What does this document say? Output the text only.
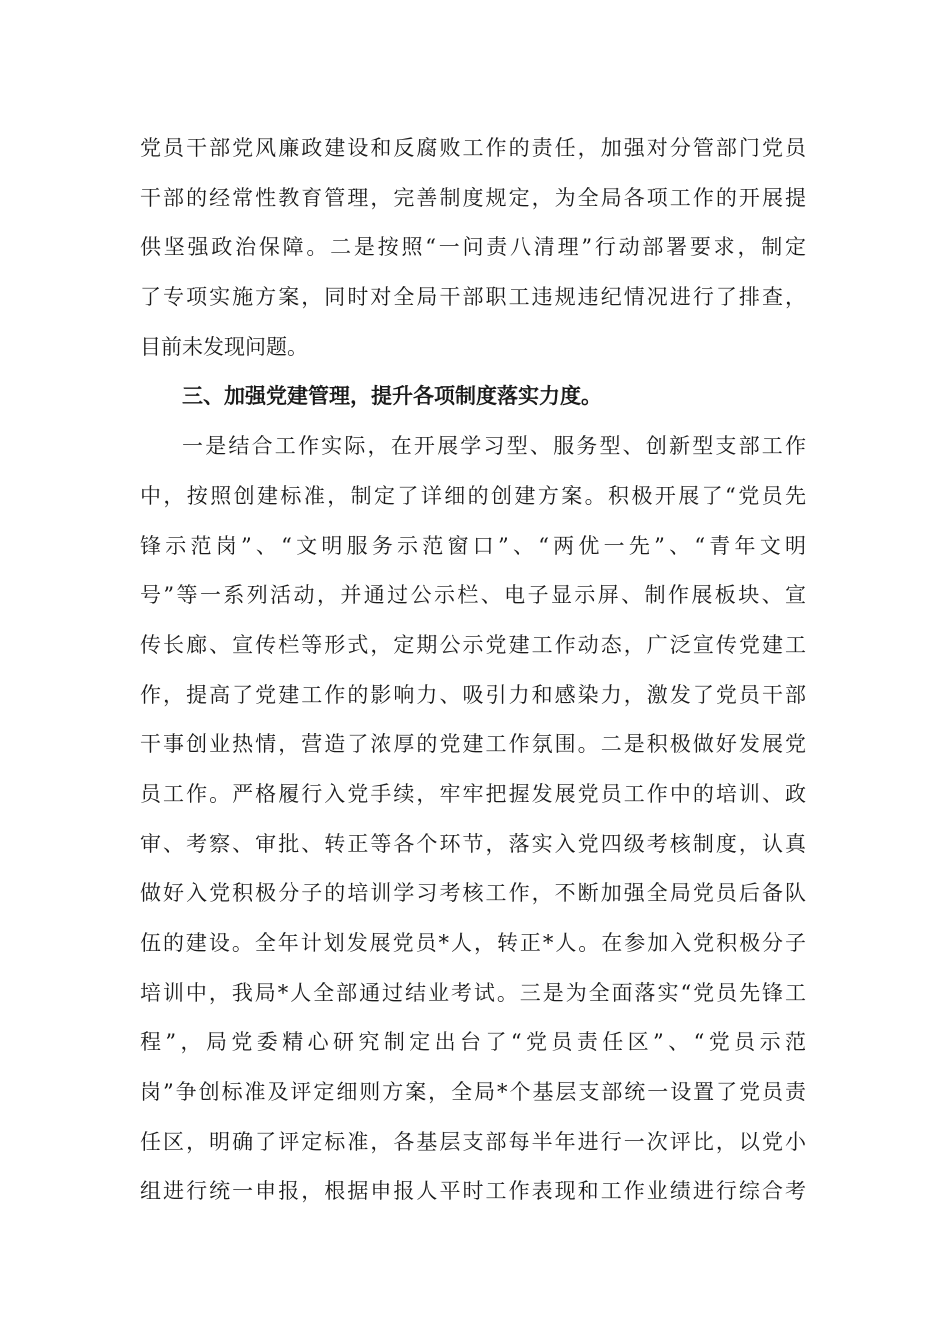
党员干部党风廉政建设和反腐败工作的责任，加强对分管部门党员
干部的经常性教育管理，完善制度规定，为全局各项工作的开展提
供坚强政治保障。二是按照“一问责八清理”行动部署要求，制定
了专项实施方案，同时对全局干部职工违规违纪情况进行了排查，
目前未发现问题。
三、加强党建管理，提升各项制度落实力度。
一是结合工作实际，在开展学习型、服务型、创新型支部工作
中，按照创建标准，制定了详细的创建方案。积极开展了“党员先
锋示范岗”、“文明服务示范窗口”、“两优一先”、“青年文明
号”等一系列活动，并通过公示栏、电子显示屏、制作展板块、宣
传长廊、宣传栏等形式，定期公示党建工作动态，广泛宣传党建工
作，提高了党建工作的影响力、吸引力和感染力，激发了党员干部
干事创业热情，营造了浓厚的党建工作氛围。二是积极做好发展党
员工作。严格履行入党手续，牢牢把握发展党员工作中的培训、政
审、考察、审批、转正等各个环节，落实入党四级考核制度，认真
做好入党积极分子的培训学习考核工作，不断加强全局党员后备队
伍的建设。全年计划发展党员*人，转正*人。在参加入党积极分子
培训中，我局*人全部通过结业考试。三是为全面落实“党员先锋工
程”，局党委精心研究制定出台了“党员责任区”、“党员示范
岗”争创标准及评定细则方案，全局*个基层支部统一设置了党员责
任区，明确了评定标准，各基层支部每半年进行一次评比，以党小
组进行统一申报，根据申报人平时工作表现和工作业绩进行综合考
